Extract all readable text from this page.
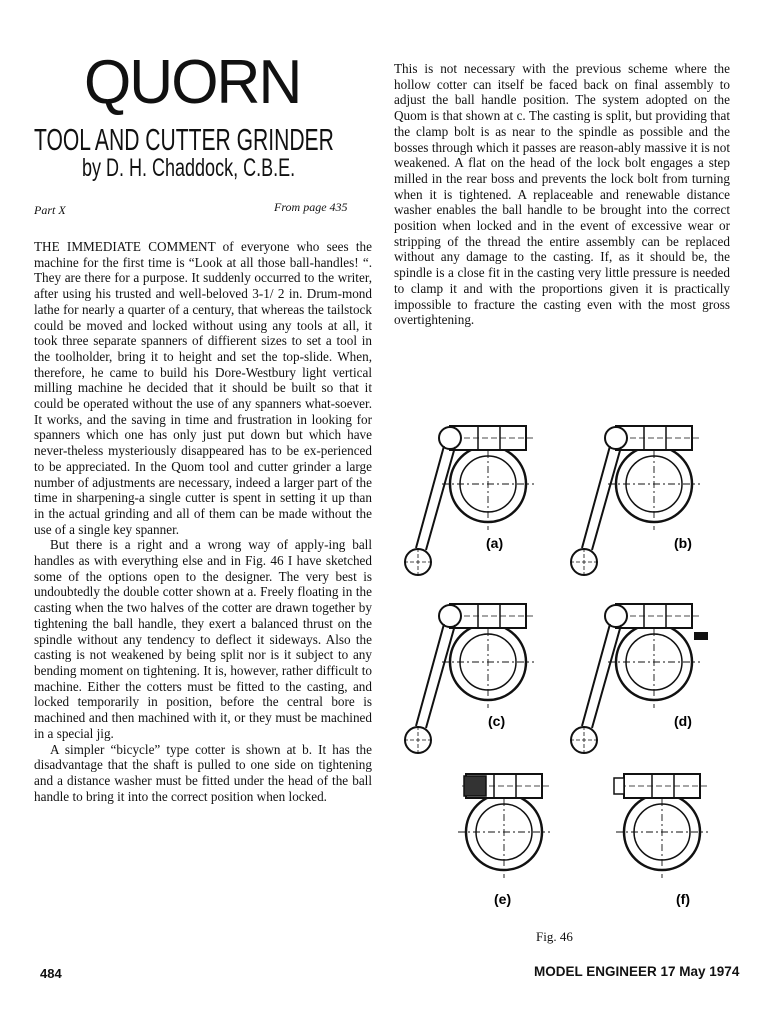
QUORN
TOOL AND CUTTER GRINDER
by D. H. Chaddock, C.B.E.
Part X	From page 435

THE IMMEDIATE COMMENT of everyone who sees the machine for the first time is “Look at all those ball-handles! “. They are there for a purpose. It suddenly occurred to the writer, after using his trusted and well-beloved 3-1/ 2 in. Drum-mond lathe for nearly a quarter of a century, that whereas the tailstock could be moved and locked without using any tools at all, it took three separate spanners of diffierent sizes to set a tool in the toolholder, bring it to height and set the top-slide. When, therefore, he came to build his Dore-Westbury light vertical milling machine he decided that it should be built so that it could be operated without the use of any spanners what-soever. It works, and the saving in time and frustration in looking for spanners which one has only just put down but which have never-theless mysteriously disappeared has to be ex-perienced to be appreciated. In the Quom tool and cutter grinder a large number of adjustments are necessary, indeed a larger part of the time in sharpening-a single cutter is spent in setting it up than in the actual grinding and all of them can be made without the use of a single key spanner.

But there is a right and a wrong way of apply-ing ball handles as with everything else and in Fig. 46 I have sketched some of the options open to the designer. The very best is undoubtedly the double cotter shown at a. Freely floating in the casting when the two halves of the cotter are drawn together by tightening the ball handle, they exert a balanced thrust on the spindle without any tendency to deflect it sideways. Also the casting is not weakened by being split nor is it subject to any bending moment on tightening. It is, however, rather difficult to machine. Either the cotters must be fitted to the casting, and locked temporarily in position, before the central bore is machined and then machined with it, or they must be machined in a special jig.

A simpler “bicycle” type cotter is shown at b. It has the disadvantage that the shaft is pulled to one side on tightening and a distance washer must be fitted under the head of the ball handle to bring it into the correct position when locked.

This is not necessary with the previous scheme where the hollow cotter can itself be faced back on final assembly to adjust the ball handle position. The system adopted on the Quom is that shown at c. The casting is split, but providing that the clamp bolt is as near to the spindle as possible and the bosses through which it passes are reason-ably massive it is not weakened. A flat on the head of the lock bolt engages a step milled in the rear boss and prevents the lock bolt from turning when it is tightened. A replaceable and renewable distance washer enables the ball handle to be brought into the correct position when locked and in the event of excessive wear or stripping of the thread the entire assembly can be replaced without any damage to the casting. If, as it should be, the spindle is a close fit in the casting very little pressure is needed to clamp it and with the proportions given it is practically impossible to fracture the casting even with the most gross overtightening.

(a)	(b)
(c)	(d)
(e)	(f)
Fig. 46
484	MODEL ENGINEER 17 May 1974
